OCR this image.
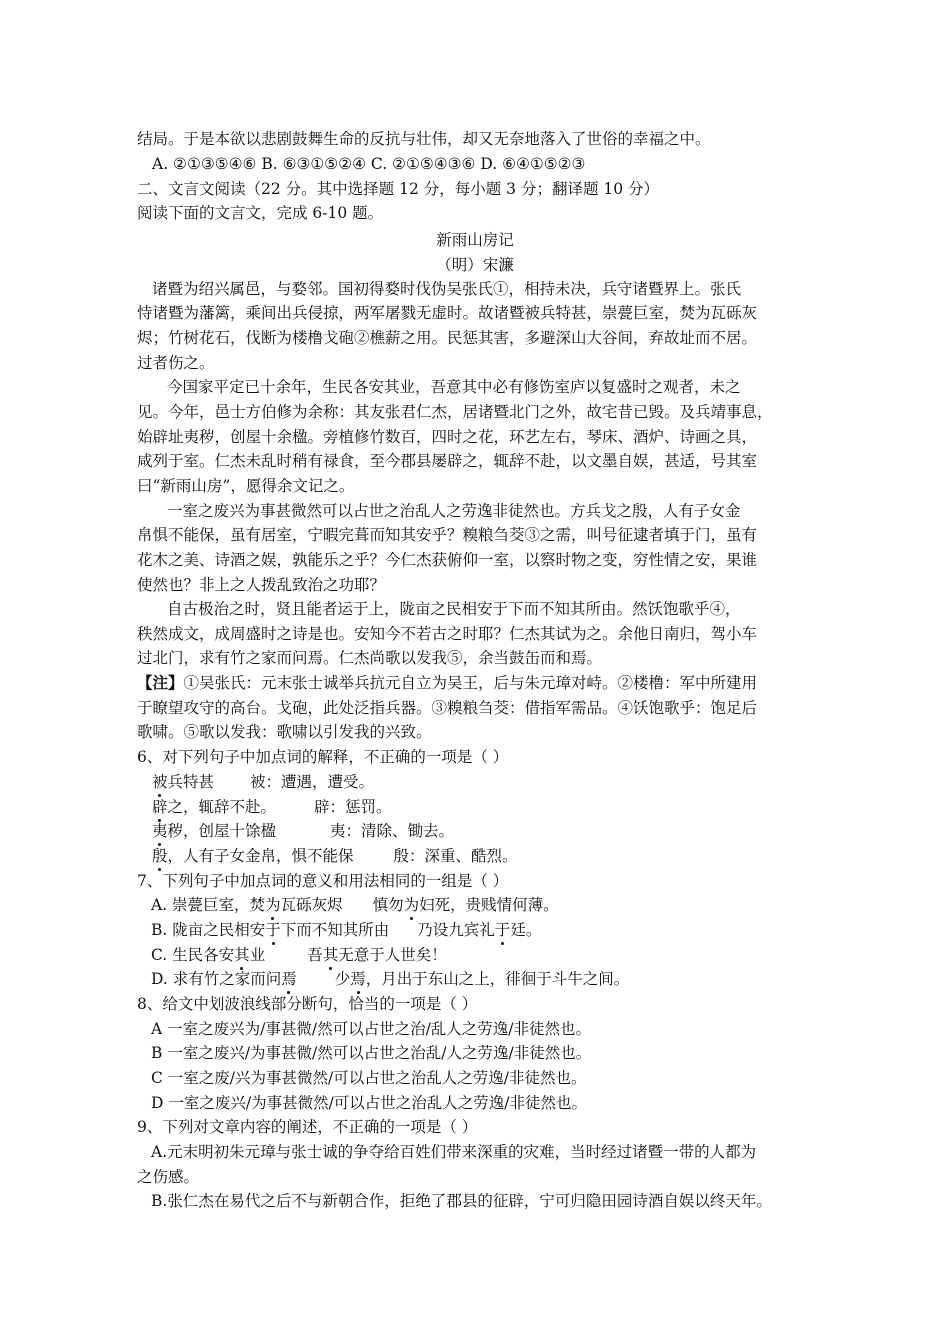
结局。于是本欲以悲剧鼓舞生命的反抗与壮伟，却又无奈地落入了世俗的幸福之中。
A. ②①③⑤④⑥ B. ⑥③①⑤②④ C. ②①⑤④③⑥ D. ⑥④①⑤②③
二、文言文阅读（22 分。其中选择题 12 分，每小题 3 分；翻译题 10 分）
阅读下面的文言文，完成 6-10 题。
新雨山房记
（明）宋濂
诸暨为绍兴属邑，与婺邻。国初得婺时伐伪吴张氏①，相持未决，兵守诸暨界上。张氏
恃诸暨为藩篱，乘间出兵侵掠，两军屠戮无虚时。故诸暨被兵特甚，崇甍巨室，焚为瓦砾灰
烬；竹树花石，伐断为楼橹戈砲②樵薪之用。民惩其害，多避深山大谷间，弃故址而不居。
过者伤之。
今国家平定已十余年，生民各安其业，吾意其中必有修饬室庐以复盛时之观者，未之
见。今年，邑士方伯修为余称：其友张君仁杰，居诸暨北门之外，故宅昔已毁。及兵靖事息，
始辟址夷秽，创屋十余楹。旁植修竹数百，四时之花，环艺左右，琴床、酒炉、诗画之具，
咸列于室。仁杰未乱时稍有禄食，至今郡县屡辟之，辄辞不赴，以文墨自娱，甚适，号其室
曰“新雨山房”，愿得余文记之。
一室之废兴为事甚微然可以占世之治乱人之劳逸非徒然也。方兵戈之殷，人有子女金
帛惧不能保，虽有居室，宁暇完葺而知其安乎？糗粮刍茭③之需，叫号征逮者填于门，虽有
花木之美、诗酒之娱，孰能乐之乎？今仁杰获俯仰一室，以察时物之变，穷性情之安，果谁
使然也？非上之人拨乱致治之功耶？
自古极治之时，贤且能者运于上，陇亩之民相安于下而不知其所由。然饫饱歌乎④，
秩然成文，成周盛时之诗是也。安知今不若古之时耶？仁杰其试为之。余他日南归，驾小车
过北门，求有竹之家而问焉。仁杰尚歌以发我⑤，余当鼓缶而和焉。
【注】①吴张氏：元末张士诚举兵抗元自立为吴王，后与朱元璋对峙。②楼橹：军中所建用
于瞭望攻守的高台。戈砲，此处泛指兵器。③糗粮刍茭：借指军需品。④饫饱歌乎：饱足后
歌啸。⑤歌以发我：歌啸以引发我的兴致。
6、对下列句子中加点词的解释，不正确的一项是（ ）
被兵特甚 被：遭遇，遭受。
辟之，辄辞不赴。 辟：惩罚。
夷秽，创屋十馀楹	夷：清除、锄去。
殷，人有子女金帛，惧不能保	殷：深重、酷烈。
7、下列句子中加点词的意义和用法相同的一组是（ ）
A. 崇甍巨室，焚为瓦砾灰烬 慎勿为妇死，贵贱情何薄。
B. 陇亩之民相安于下而不知其所由 乃设九宾礼于廷。
C. 生民各安其业	吾其无意于人世矣！
D. 求有竹之家而问焉 少焉，月出于东山之上，徘徊于斗牛之间。
8、给文中划波浪线部分断句，恰当的一项是（ ）
A 一室之废兴为/事甚微/然可以占世之治/乱人之劳逸/非徒然也。
B 一室之废兴/为事甚微/然可以占世之治乱/人之劳逸/非徒然也。
C 一室之废/兴为事甚微然/可以占世之治乱人之劳逸/非徒然也。
D 一室之废兴/为事甚微然/可以占世之治乱人之劳逸/非徒然也。
9、下列对文章内容的阐述，不正确的一项是（ ）
A.元末明初朱元璋与张士诚的争夺给百姓们带来深重的灾难，当时经过诸暨一带的人都为
之伤感。
B.张仁杰在易代之后不与新朝合作，拒绝了郡县的征辟，宁可归隐田园诗酒自娱以终天年。
